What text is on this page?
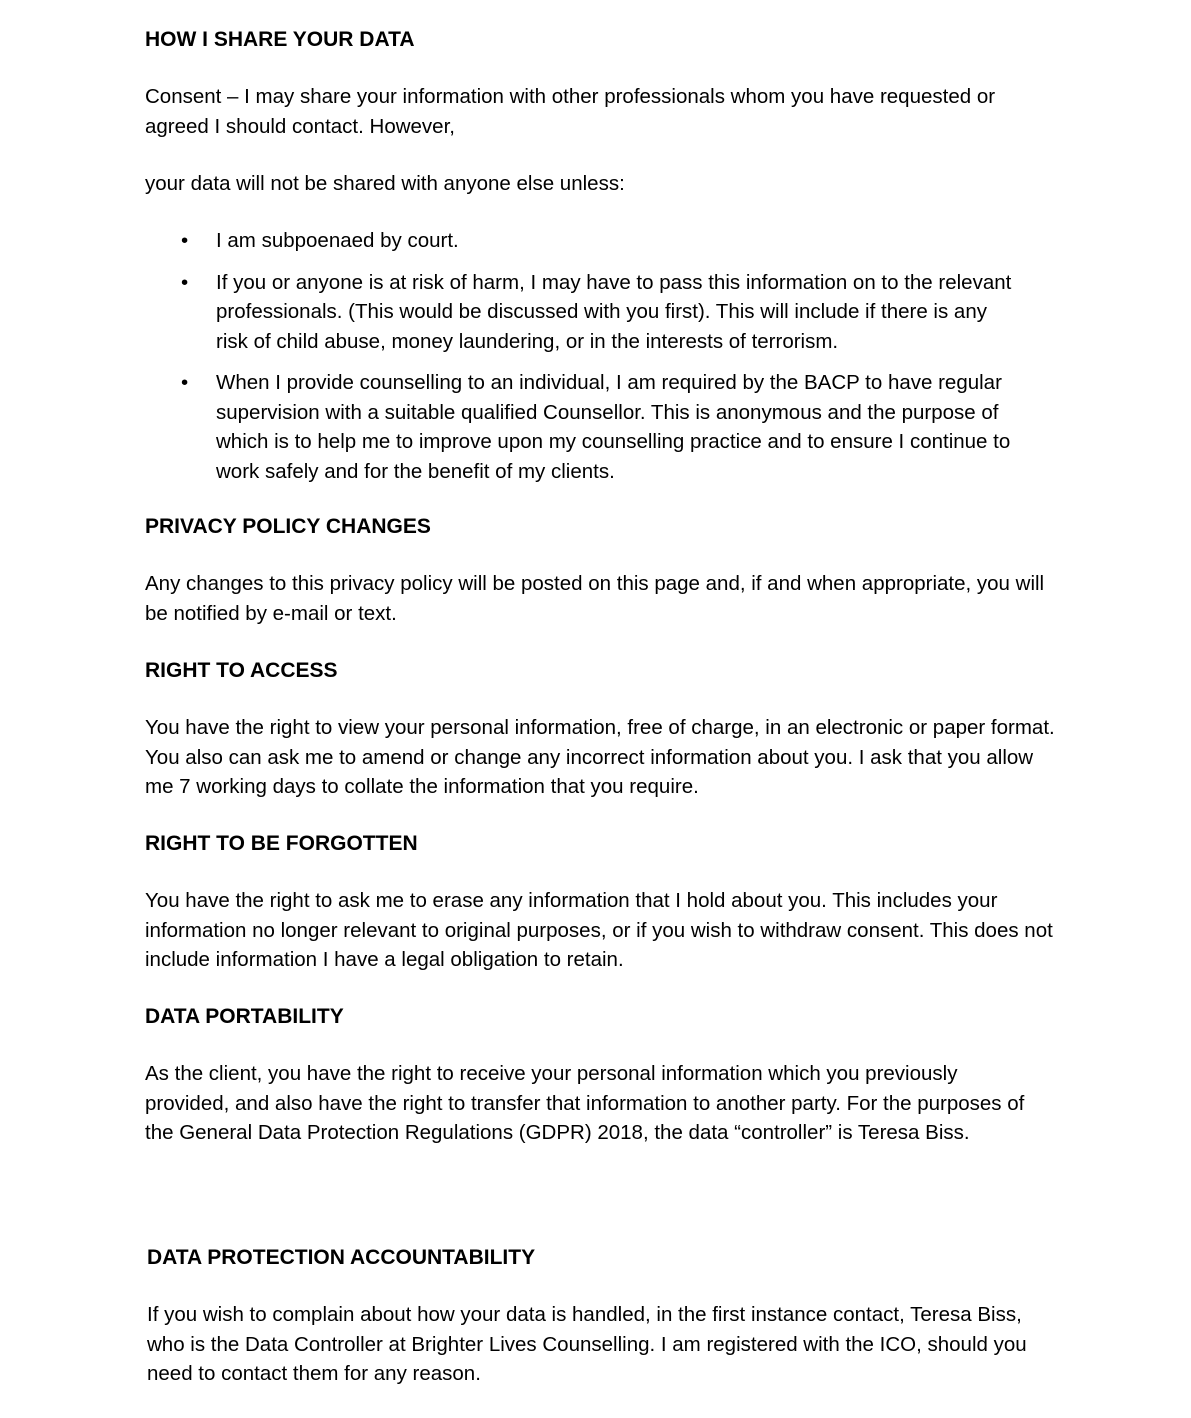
HOW I SHARE YOUR DATA

Consent – I may share your information with other professionals whom you have requested or agreed I should contact. However,

your data will not be shared with anyone else unless:

• I am subpoenaed by court.
• If you or anyone is at risk of harm, I may have to pass this information on to the relevant professionals. (This would be discussed with you first). This will include if there is any risk of child abuse, money laundering, or in the interests of terrorism.
• When I provide counselling to an individual, I am required by the BACP to have regular supervision with a suitable qualified Counsellor. This is anonymous and the purpose of which is to help me to improve upon my counselling practice and to ensure I continue to work safely and for the benefit of my clients.
PRIVACY POLICY CHANGES

Any changes to this privacy policy will be posted on this page and, if and when appropriate, you will be notified by e-mail or text.

RIGHT TO ACCESS

You have the right to view your personal information, free of charge, in an electronic or paper format. You also can ask me to amend or change any incorrect information about you. I ask that you allow me 7 working days to collate the information that you require.

RIGHT TO BE FORGOTTEN

You have the right to ask me to erase any information that I hold about you. This includes your information no longer relevant to original purposes, or if you wish to withdraw consent. This does not include information I have a legal obligation to retain.

DATA PORTABILITY

As the client, you have the right to receive your personal information which you previously provided, and also have the right to transfer that information to another party. For the purposes of the General Data Protection Regulations (GDPR) 2018, the data “controller” is Teresa Biss.

DATA PROTECTION ACCOUNTABILITY

If you wish to complain about how your data is handled, in the first instance contact, Teresa Biss, who is the Data Controller at Brighter Lives Counselling. I am registered with the ICO, should you need to contact them for any reason.
